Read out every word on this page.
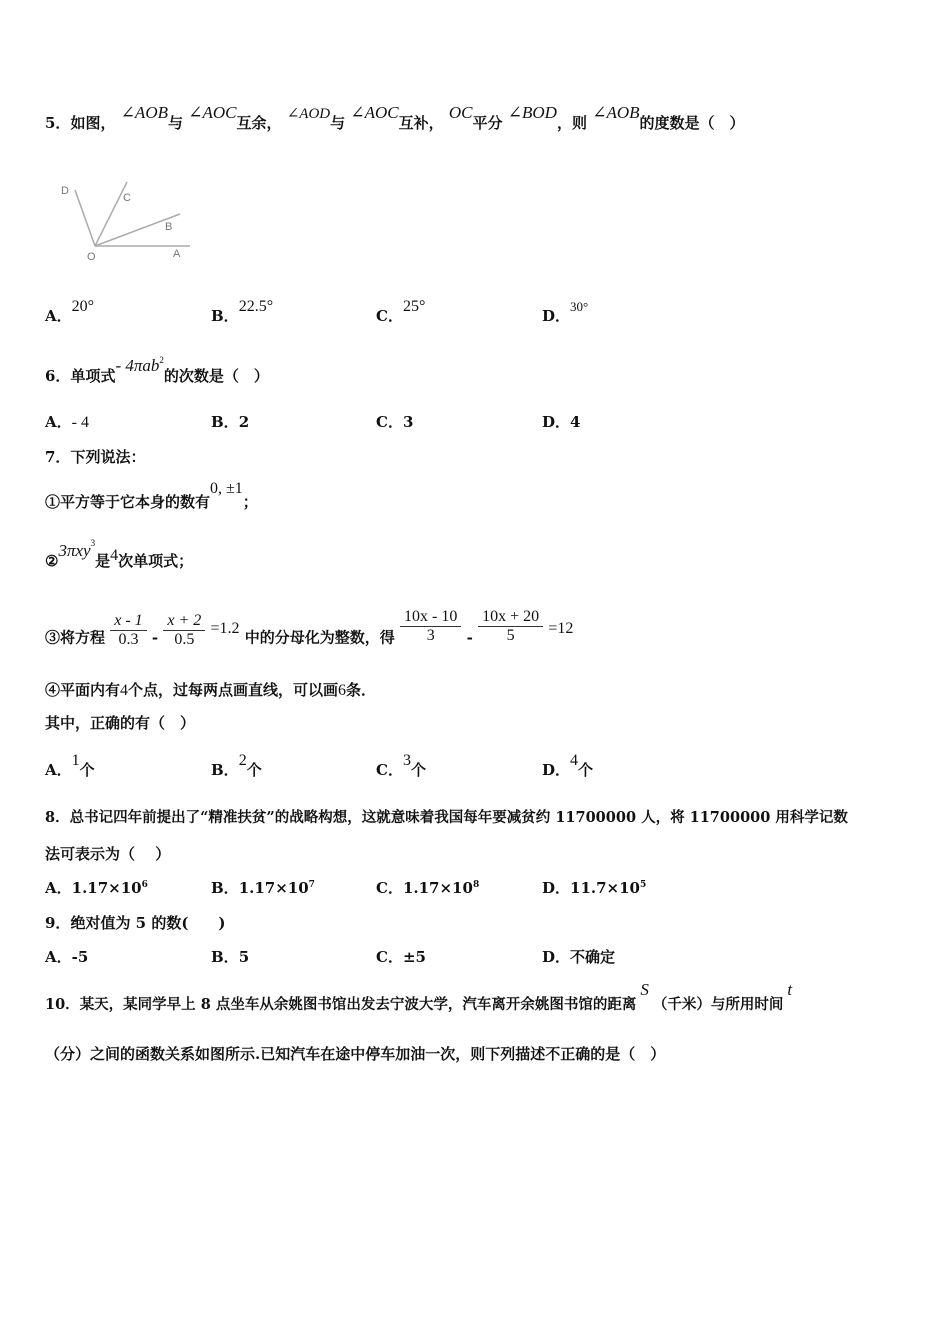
5．如图， ∠AOB与 ∠AOC互余， ∠AOD与 ∠AOC互补， OC平分 ∠BOD，则 ∠AOB的度数是（　）
D
C
B
O	A
A．20°
B．22.5°
C．25°
D．30°
6．单项式- 4πab$^2$的次数是（　）
A．- 4	B．2	C．3	D．4
7．下列说法：
①平方等于它本身的数有0, ±1；
②3πxy$^3$是4次单项式；
③将方程 $\frac{x - 1}{0.3} - \frac{x + 2}{0.5} =1.2$ 中的分母化为整数，得 $\frac{10x - 10}{3} - \frac{10x + 20}{5} =12$
④平面内有4个点，过每两点画直线，可以画6条．
其中，正确的有（　）
A．1个	B．2个	C．3个	D．4个
8．总书记四年前提出了“精准扶贫”的战略构想，这就意味着我国每年要减贫约 11700000 人，将 11700000 用科学记数
法可表示为（　 ）
A．$1.17\times 10^6$	B．$1.17\times 10^7$	C．$1.17\times 10^8$	D．$11.7\times 10^5$
9．绝对值为 5 的数(　　)
A．-5	B．5	C．±5	D．不确定
10．某天，某同学早上 8 点坐车从余姚图书馆出发去宁波大学，汽车离开余姚图书馆的距离S（千米）与所用时间t
（分）之间的函数关系如图所示.已知汽车在途中停车加油一次，则下列描述不正确的是（　）
